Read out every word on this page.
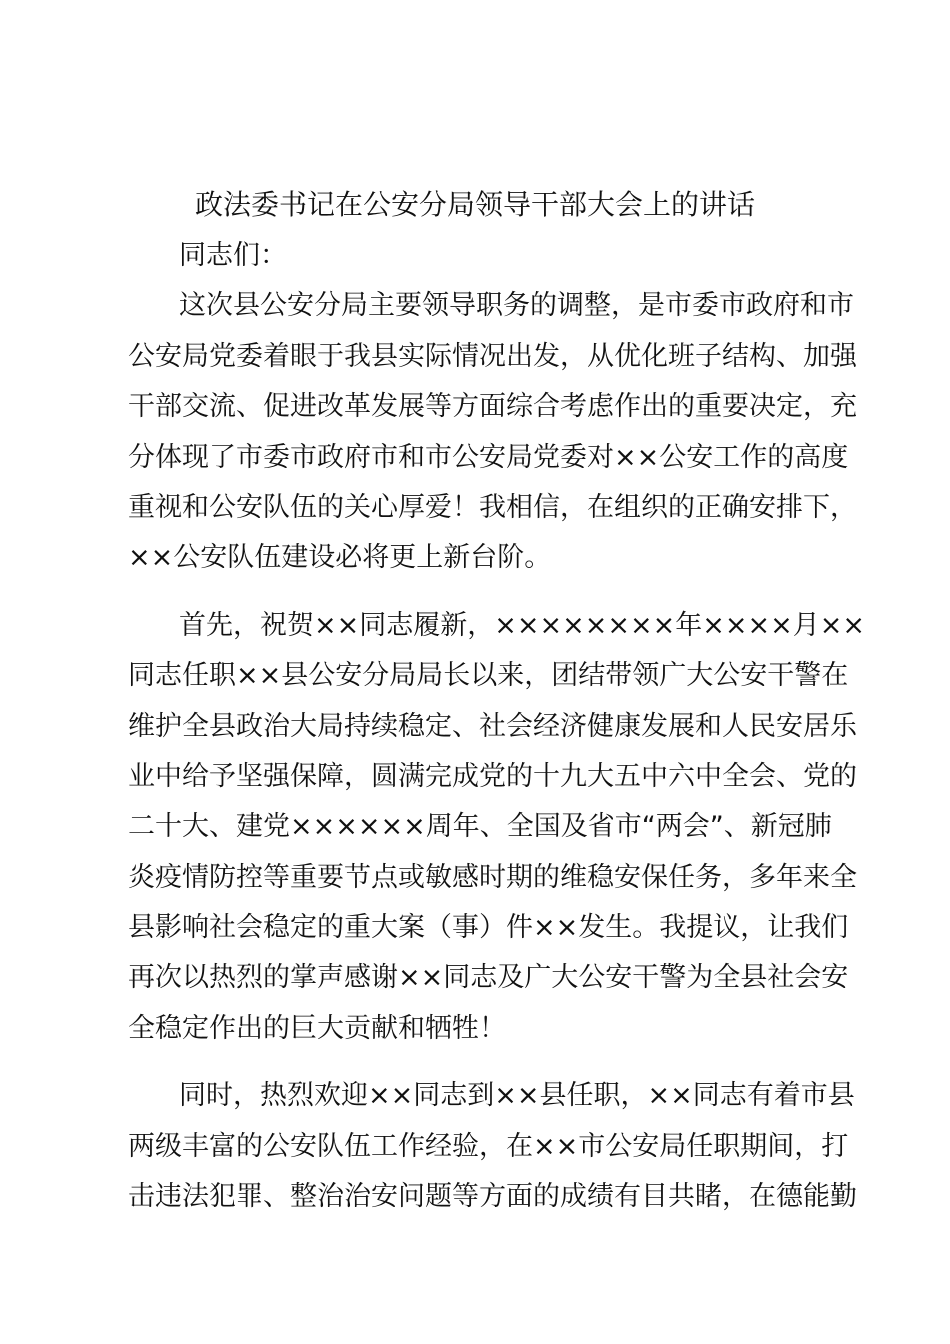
政法委书记在公安分局领导干部大会上的讲话
同志们：
这次县公安分局主要领导职务的调整，是市委市政府和市
公安局党委着眼于我县实际情况出发，从优化班子结构、加强
干部交流、促进改革发展等方面综合考虑作出的重要决定，充
分体现了市委市政府市和市公安局党委对××公安工作的高度
重视和公安队伍的关心厚爱！我相信，在组织的正确安排下，
××公安队伍建设必将更上新台阶。
首先，祝贺××同志履新，××××××××年××××月××
同志任职××县公安分局局长以来，团结带领广大公安干警在
维护全县政治大局持续稳定、社会经济健康发展和人民安居乐
业中给予坚强保障，圆满完成党的十九大五中六中全会、党的
二十大、建党××××××周年、全国及省市“两会”、新冠肺
炎疫情防控等重要节点或敏感时期的维稳安保任务，多年来全
县影响社会稳定的重大案（事）件××发生。我提议，让我们
再次以热烈的掌声感谢××同志及广大公安干警为全县社会安
全稳定作出的巨大贡献和牺牲！
同时，热烈欢迎××同志到××县任职，××同志有着市县
两级丰富的公安队伍工作经验，在××市公安局任职期间，打
击违法犯罪、整治治安问题等方面的成绩有目共睹，在德能勤
